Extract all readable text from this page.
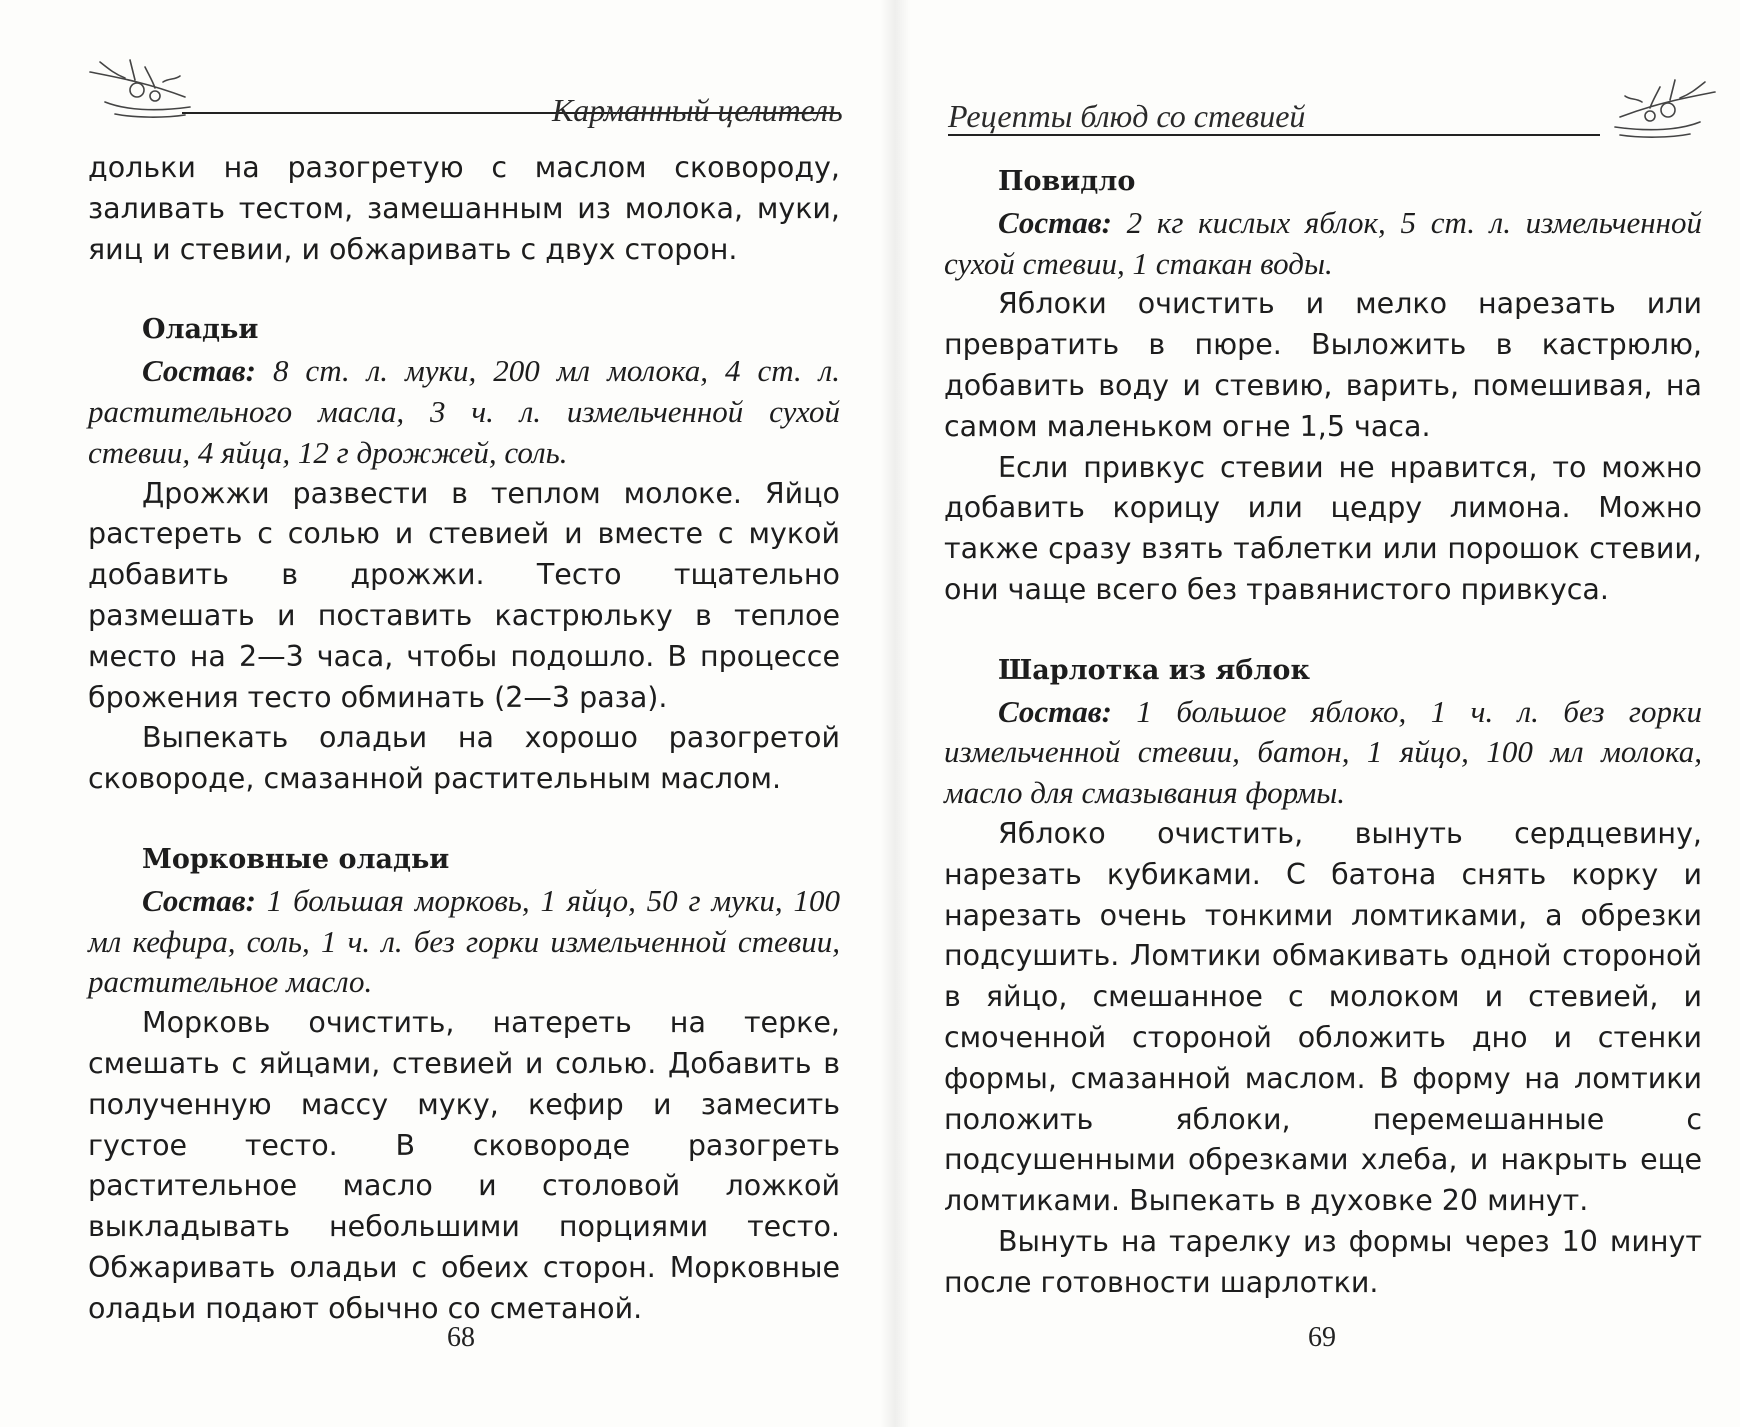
Карманный целитель

дольки на разогретую с маслом сковороду, заливать тестом, замешанным из молока, муки, яиц и стевии, и обжаривать с двух сторон.

Оладьи

Состав: 8 ст. л. муки, 200 мл молока, 4 ст. л. растительного масла, 3 ч. л. измельченной сухой стевии, 4 яйца, 12 г дрожжей, соль.

Дрожжи развести в теплом молоке. Яйцо растереть с солью и стевией и вместе с мукой добавить в дрожжи. Тесто тщательно размешать и поставить кастрюльку в теплое место на 2—3 часа, чтобы подошло. В процессе брожения тесто обминать (2—3 раза).

Выпекать оладьи на хорошо разогретой сковороде, смазанной растительным маслом.

Морковные оладьи

Состав: 1 большая морковь, 1 яйцо, 50 г муки, 100 мл кефира, соль, 1 ч. л. без горки измельченной стевии, растительное масло.

Морковь очистить, натереть на терке, смешать с яйцами, стевией и солью. Добавить в полученную массу муку, кефир и замесить густое тесто. В сковороде разогреть растительное масло и столовой ложкой выкладывать небольшими порциями тесто. Обжаривать оладьи с обеих сторон. Морковные оладьи подают обычно со сметаной.

68
Рецепты блюд со стевией
Повидло

Состав: 2 кг кислых яблок, 5 ст. л. измельченной сухой стевии, 1 стакан воды.

Яблоки очистить и мелко нарезать или превратить в пюре. Выложить в кастрюлю, добавить воду и стевию, варить, помешивая, на самом маленьком огне 1,5 часа.

Если привкус стевии не нравится, то можно добавить корицу или цедру лимона. Можно также сразу взять таблетки или порошок стевии, они чаще всего без травянистого привкуса.

Шарлотка из яблок

Состав: 1 большое яблоко, 1 ч. л. без горки измельченной стевии, батон, 1 яйцо, 100 мл молока, масло для смазывания формы.

Яблоко очистить, вынуть сердцевину, нарезать кубиками. С батона снять корку и нарезать очень тонкими ломтиками, а обрезки подсушить. Ломтики обмакивать одной стороной в яйцо, смешанное с молоком и стевией, и смоченной стороной обложить дно и стенки формы, смазанной маслом. В форму на ломтики положить яблоки, перемешанные с подсушенными обрезками хлеба, и накрыть еще ломтиками. Выпекать в духовке 20 минут.

Вынуть на тарелку из формы через 10 минут после готовности шарлотки.

69
